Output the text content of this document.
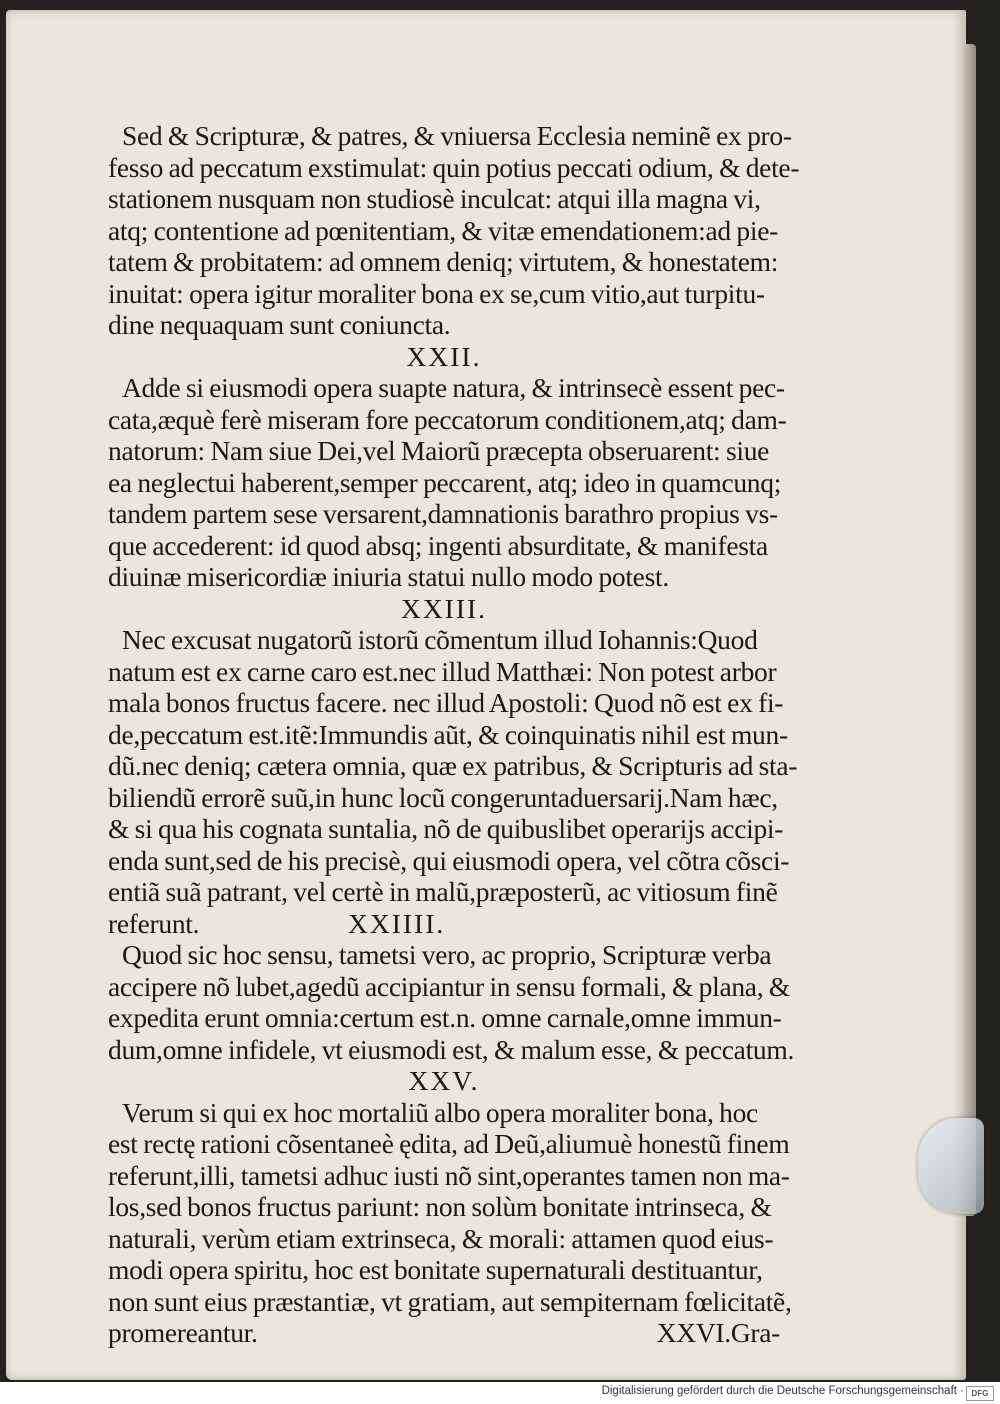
Sed & Scripturæ, & patres, & vniuersa Ecclesia neminẽ ex pro-
fesso ad peccatum exstimulat: quin potius peccati odium, & dete-
stationem nusquam non studiosè inculcat: atqui illa magna vi,
atq; contentione ad pœnitentiam, & vitæ emendationem:ad pie-
tatem & probitatem: ad omnem deniq; virtutem, & honestatem:
inuitat: opera igitur moraliter bona ex se,cum vitio,aut turpitu-
dine nequaquam sunt coniuncta.
XXII.
Adde si eiusmodi opera suapte natura, & intrinsecè essent pec-
cata,æquè ferè miseram fore peccatorum conditionem,atq; dam-
natorum: Nam siue Dei,vel Maiorũ præcepta obseruarent: siue
ea neglectui haberent,semper peccarent, atq; ideo in quamcunq;
tandem partem sese versarent,damnationis barathro propius vs-
que accederent: id quod absq; ingenti absurditate, & manifesta
diuinæ misericordiæ iniuria statui nullo modo potest.
XXIII.
Nec excusat nugatorũ istorũ cõmentum illud Iohannis:Quod
natum est ex carne caro est.nec illud Matthæi: Non potest arbor
mala bonos fructus facere. nec illud Apostoli: Quod nõ est ex fi-
de,peccatum est.itẽ:Immundis aũt, & coinquinatis nihil est mun-
dũ.nec deniq; cætera omnia, quæ ex patribus, & Scripturis ad sta-
biliendũ errorẽ suũ,in hunc locũ congeruntaduersarij.Nam hæc,
& si qua his cognata suntalia, nõ de quibuslibet operarijs accipi-
enda sunt,sed de his precisè, qui eiusmodi opera, vel cõtra cõsci-
entiã suã patrant, vel certè in malũ,præposterũ, ac vitiosum finẽ
referunt.	XXIIII.
Quod sic hoc sensu, tametsi vero, ac proprio, Scripturæ verba
accipere nõ lubet,agedũ accipiantur in sensu formali, & plana, &
expedita erunt omnia:certum est.n. omne carnale,omne immun-
dum,omne infidele, vt eiusmodi est, & malum esse, & peccatum.
XXV.
Verum si qui ex hoc mortaliũ albo opera moraliter bona, hoc
est rectę rationi cõsentaneè ędita, ad Deũ,aliumuè honestũ finem
referunt,illi, tametsi adhuc iusti nõ sint,operantes tamen non ma-
los,sed bonos fructus pariunt: non solùm bonitate intrinseca, &
naturali, verùm etiam extrinseca, & morali: attamen quod eius-
modi opera spiritu, hoc est bonitate supernaturali destituantur,
non sunt eius præstantiæ, vt gratiam, aut sempiternam fœlicitatẽ,
promereantur.	XXVI.Gra-
Digitalisierung gefördert durch die Deutsche Forschungsgemeinschaft · DFG
